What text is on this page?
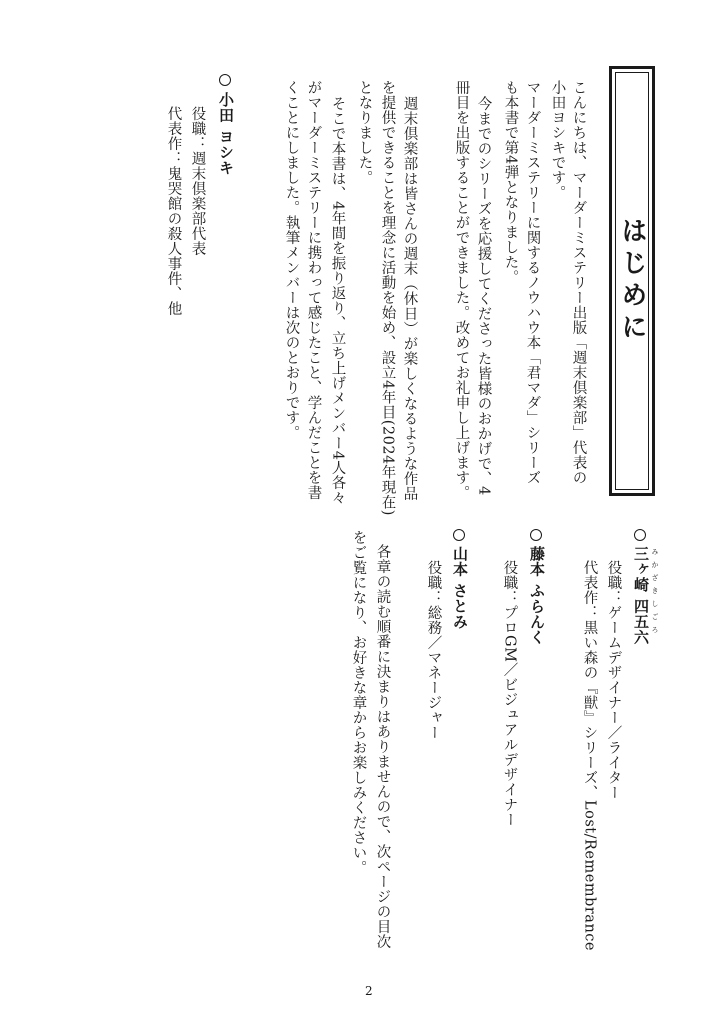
はじめに
こんにちは、マーダーミステリー出版「週末倶楽部」代表の
小田ヨシキです。
マーダーミステリーに関するノウハウ本「君マダ」シリーズ
も本書で第4弾となりました。
今までのシリーズを応援してくださった皆様のおかげで、4
冊目を出版することができました。改めてお礼申し上げます。
週末倶楽部は皆さんの週末（休日）が楽しくなるような作品
を提供できることを理念に活動を始め、設立4年目(2024年現在)
となりました。
そこで本書は、4年間を振り返り、立ち上げメンバー4人各々
がマーダーミステリーに携わって感じたこと、学んだことを書
くことにしました。執筆メンバーは次のとおりです。
小田 ヨシキ
役職：週末倶楽部代表
代表作：鬼哭館の殺人事件、他
みかざきしごろ
三ヶ崎 四五六
役職：ゲームデザイナー／ライター
代表作：黒い森の『獣』シリーズ、Lost/Remembrance
藤本 ふらんく
役職：プロGM／ビジュアルデザイナー
山本 さとみ
役職：総務／マネージャー
各章の読む順番に決まりはありませんので、次ページの目次
をご覧になり、お好きな章からお楽しみください。
2
